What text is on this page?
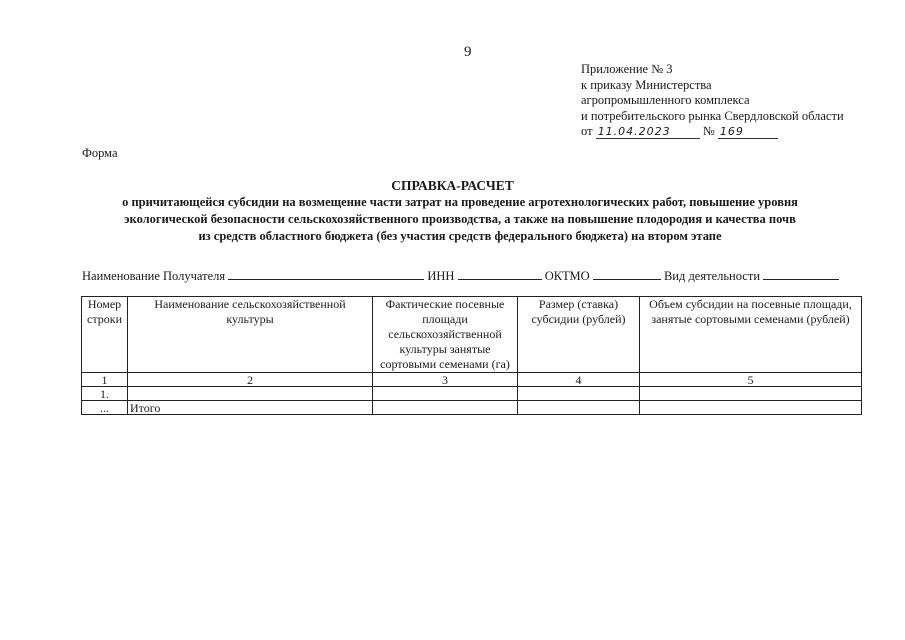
9
Приложение № 3
к приказу Министерства
агропромышленного комплекса
и потребительского рынка Свердловской области
от 11.04.2023	№ 169
Форма
СПРАВКА-РАСЧЕТ
о причитающейся субсидии на возмещение части затрат на проведение агротехнологических работ, повышение уровня
экологической безопасности сельскохозяйственного производства, а также на повышение плодородия и качества почв
из средств областного бюджета (без участия средств федерального бюджета) на втором этапе
Наименование Получателя	ИНН	ОКТМО	Вид деятельности
Номер строки	Наименование сельскохозяйственной культуры	Фактические посевные площади сельскохозяйственной культуры занятые сортовыми семенами (га)	Размер (ставка) субсидии (рублей)	Объем субсидии на посевные площади, занятые сортовыми семенами (рублей)
1	2	3	4	5
1.				
...	Итого			
